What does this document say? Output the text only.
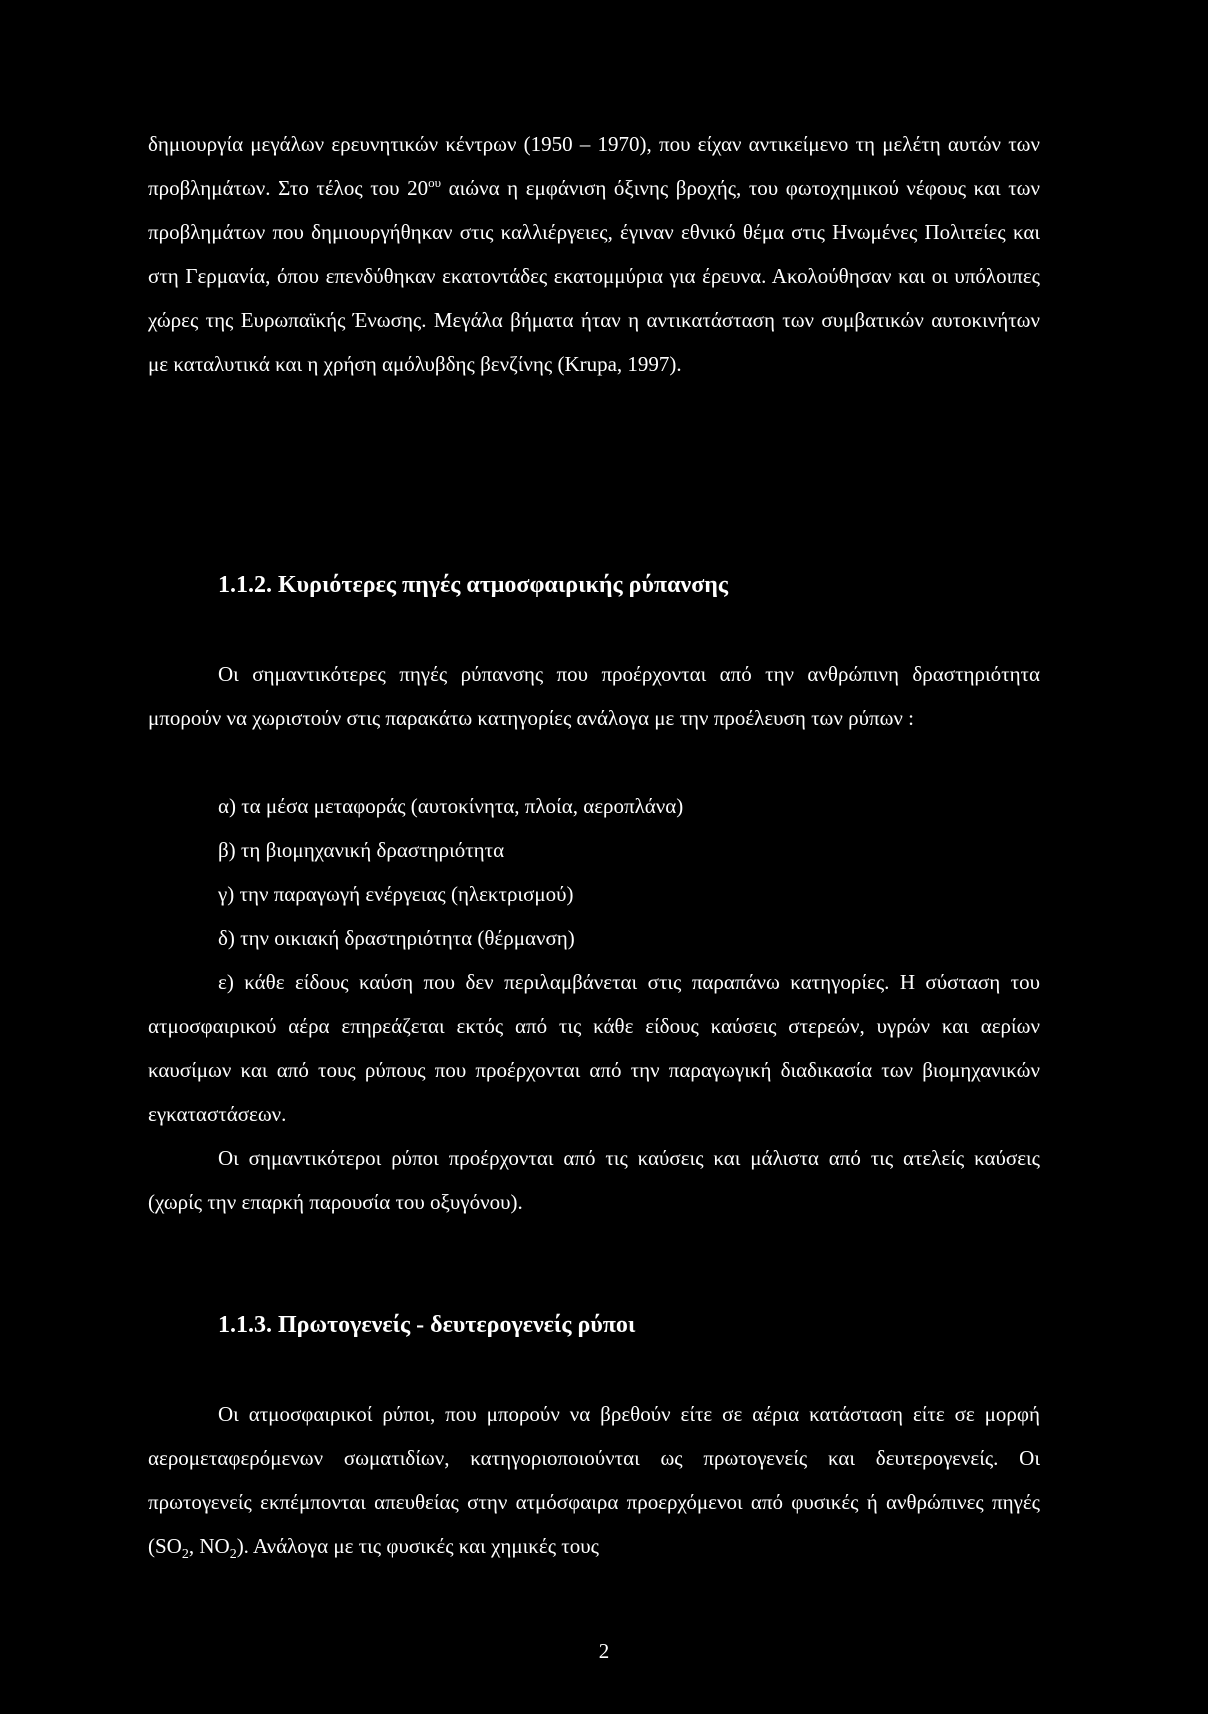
δημιουργία μεγάλων ερευνητικών κέντρων (1950 – 1970), που είχαν αντικείμενο τη μελέτη αυτών των προβλημάτων. Στο τέλος του $20^{o\upsilon}$ αιώνα η εμφάνιση όξινης βροχής, του φωτοχημικού νέφους και των προβλημάτων που δημιουργήθηκαν στις καλλιέργειες, έγιναν εθνικό θέμα στις Ηνωμένες Πολιτείες και στη Γερμανία, όπου επενδύθηκαν εκατοντάδες εκατομμύρια για έρευνα. Ακολούθησαν και οι υπόλοιπες χώρες της Ευρωπαϊκής Ένωσης. Μεγάλα βήματα ήταν η αντικατάσταση των συμβατικών αυτοκινήτων με καταλυτικά και η χρήση αμόλυβδης βενζίνης (Krupa, 1997).

1.1.2. Κυριότερες πηγές ατμοσφαιρικής ρύπανσης

Οι σημαντικότερες πηγές ρύπανσης που προέρχονται από την ανθρώπινη δραστηριότητα μπορούν να χωριστούν στις παρακάτω κατηγορίες ανάλογα με την προέλευση των ρύπων :

α) τα μέσα μεταφοράς (αυτοκίνητα, πλοία, αεροπλάνα)

β) τη βιομηχανική δραστηριότητα

γ) την παραγωγή ενέργειας (ηλεκτρισμού)

δ) την οικιακή δραστηριότητα (θέρμανση)

ε) κάθε είδους καύση που δεν περιλαμβάνεται στις παραπάνω κατηγορίες. Η σύσταση του ατμοσφαιρικού αέρα επηρεάζεται εκτός από τις κάθε είδους καύσεις στερεών, υγρών και αερίων καυσίμων και από τους ρύπους που προέρχονται από την παραγωγική διαδικασία των βιομηχανικών εγκαταστάσεων.

Οι σημαντικότεροι ρύποι προέρχονται από τις καύσεις και μάλιστα από τις ατελείς καύσεις (χωρίς την επαρκή παρουσία του οξυγόνου).

1.1.3. Πρωτογενείς - δευτερογενείς ρύποι

Οι ατμοσφαιρικοί ρύποι, που μπορούν να βρεθούν είτε σε αέρια κατάσταση είτε σε μορφή αερομεταφερόμενων σωματιδίων, κατηγοριοποιούνται ως πρωτογενείς και δευτερογενείς. Οι πρωτογενείς εκπέμπονται απευθείας στην ατμόσφαιρα προερχόμενοι από φυσικές ή ανθρώπινες πηγές ($SO_2$, $NO_2$). Ανάλογα με τις φυσικές και χημικές τους

2
